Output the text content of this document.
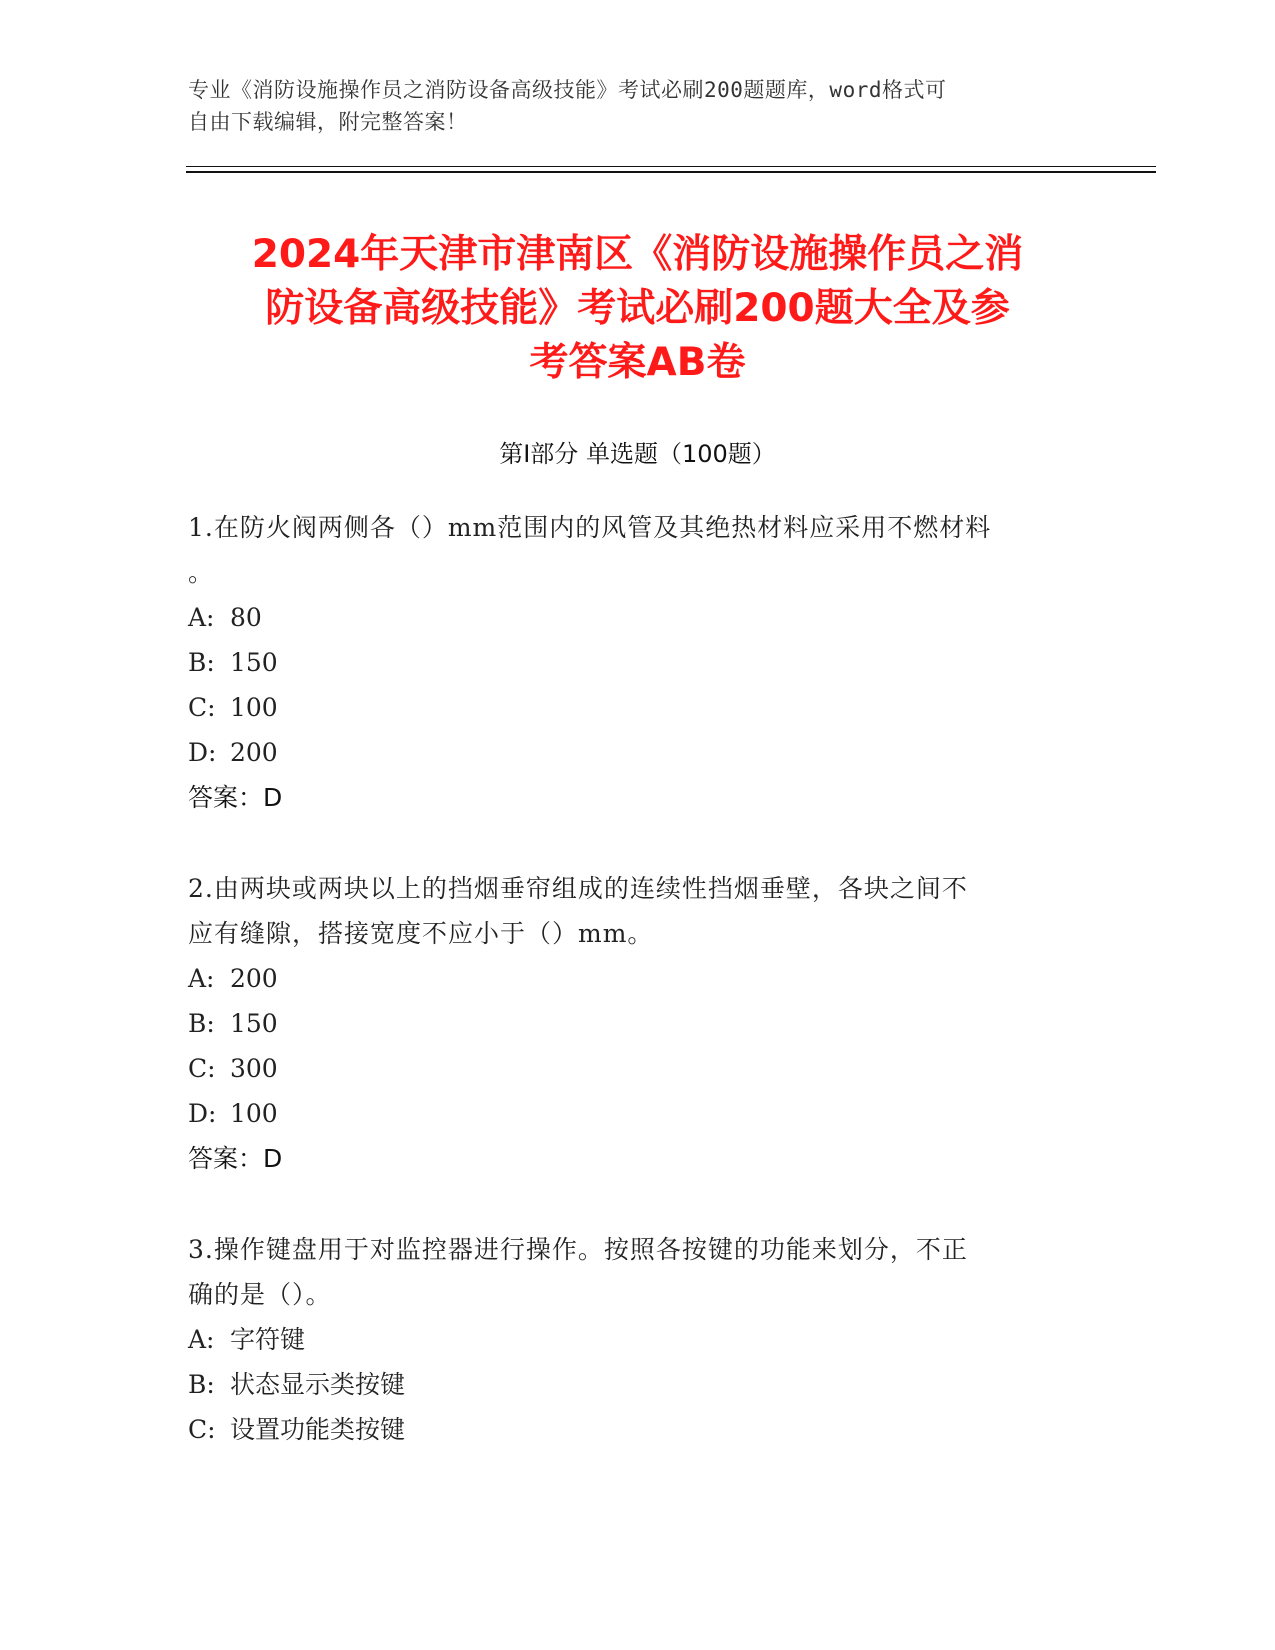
专业《消防设施操作员之消防设备高级技能》考试必刷200题题库，word格式可
自由下载编辑，附完整答案！
2024年天津市津南区《消防设施操作员之消
防设备高级技能》考试必刷200题大全及参
考答案AB卷
第Ⅰ部分 单选题（100题）
1.在防火阀两侧各（）mm范围内的风管及其绝热材料应采用不燃材料
。
A: 80
B: 150
C: 100
D: 200
答案：D
2.由两块或两块以上的挡烟垂帘组成的连续性挡烟垂壁，各块之间不
应有缝隙，搭接宽度不应小于（）mm。
A: 200
B: 150
C: 300
D: 100
答案：D
3.操作键盘用于对监控器进行操作。按照各按键的功能来划分，不正
确的是（）。
A: 字符键
B: 状态显示类按键
C: 设置功能类按键
